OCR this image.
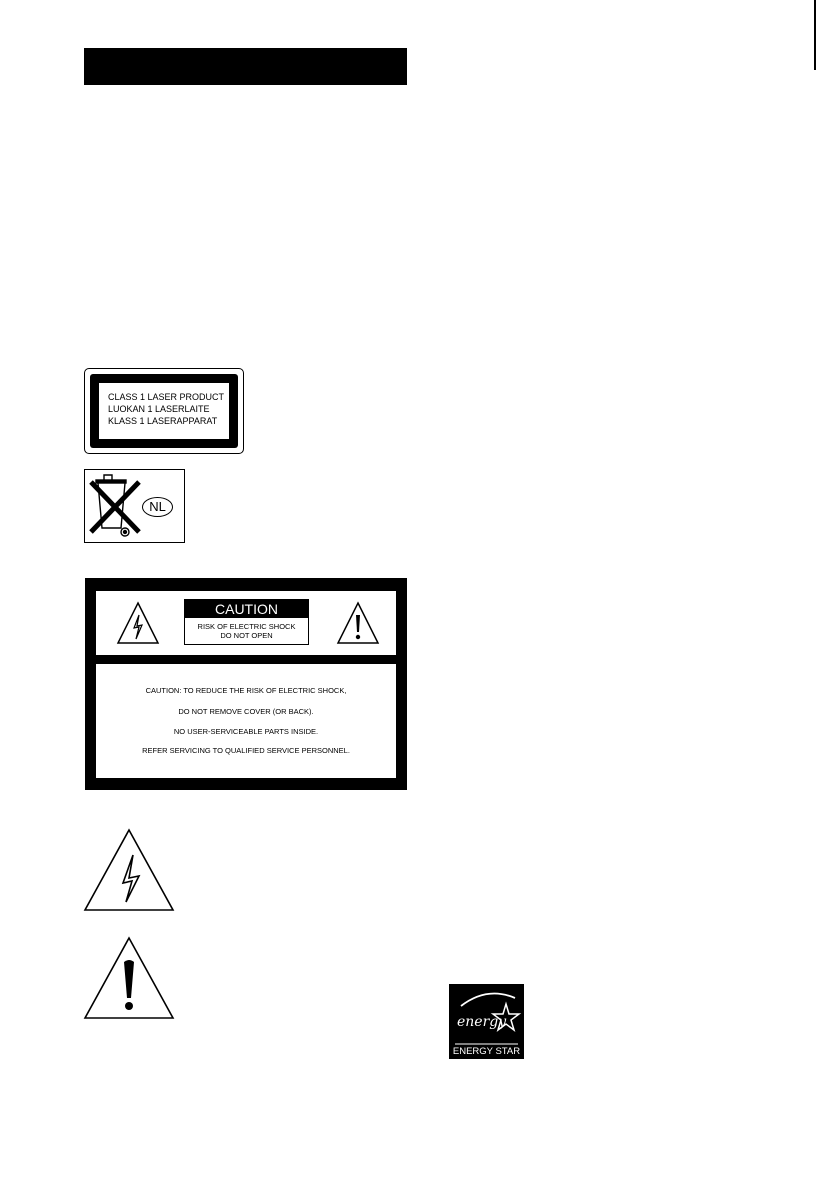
CLASS 1 LASER PRODUCT
LUOKAN 1 LASERLAITE
KLASS 1 LASERAPPARAT
NL
CAUTION
RISK OF ELECTRIC SHOCK
DO NOT OPEN
CAUTION: TO REDUCE THE RISK OF ELECTRIC SHOCK,
DO NOT REMOVE COVER (OR BACK).
NO USER-SERVICEABLE PARTS INSIDE.
REFER SERVICING TO QUALIFIED SERVICE PERSONNEL.
energy
ENERGY STAR
